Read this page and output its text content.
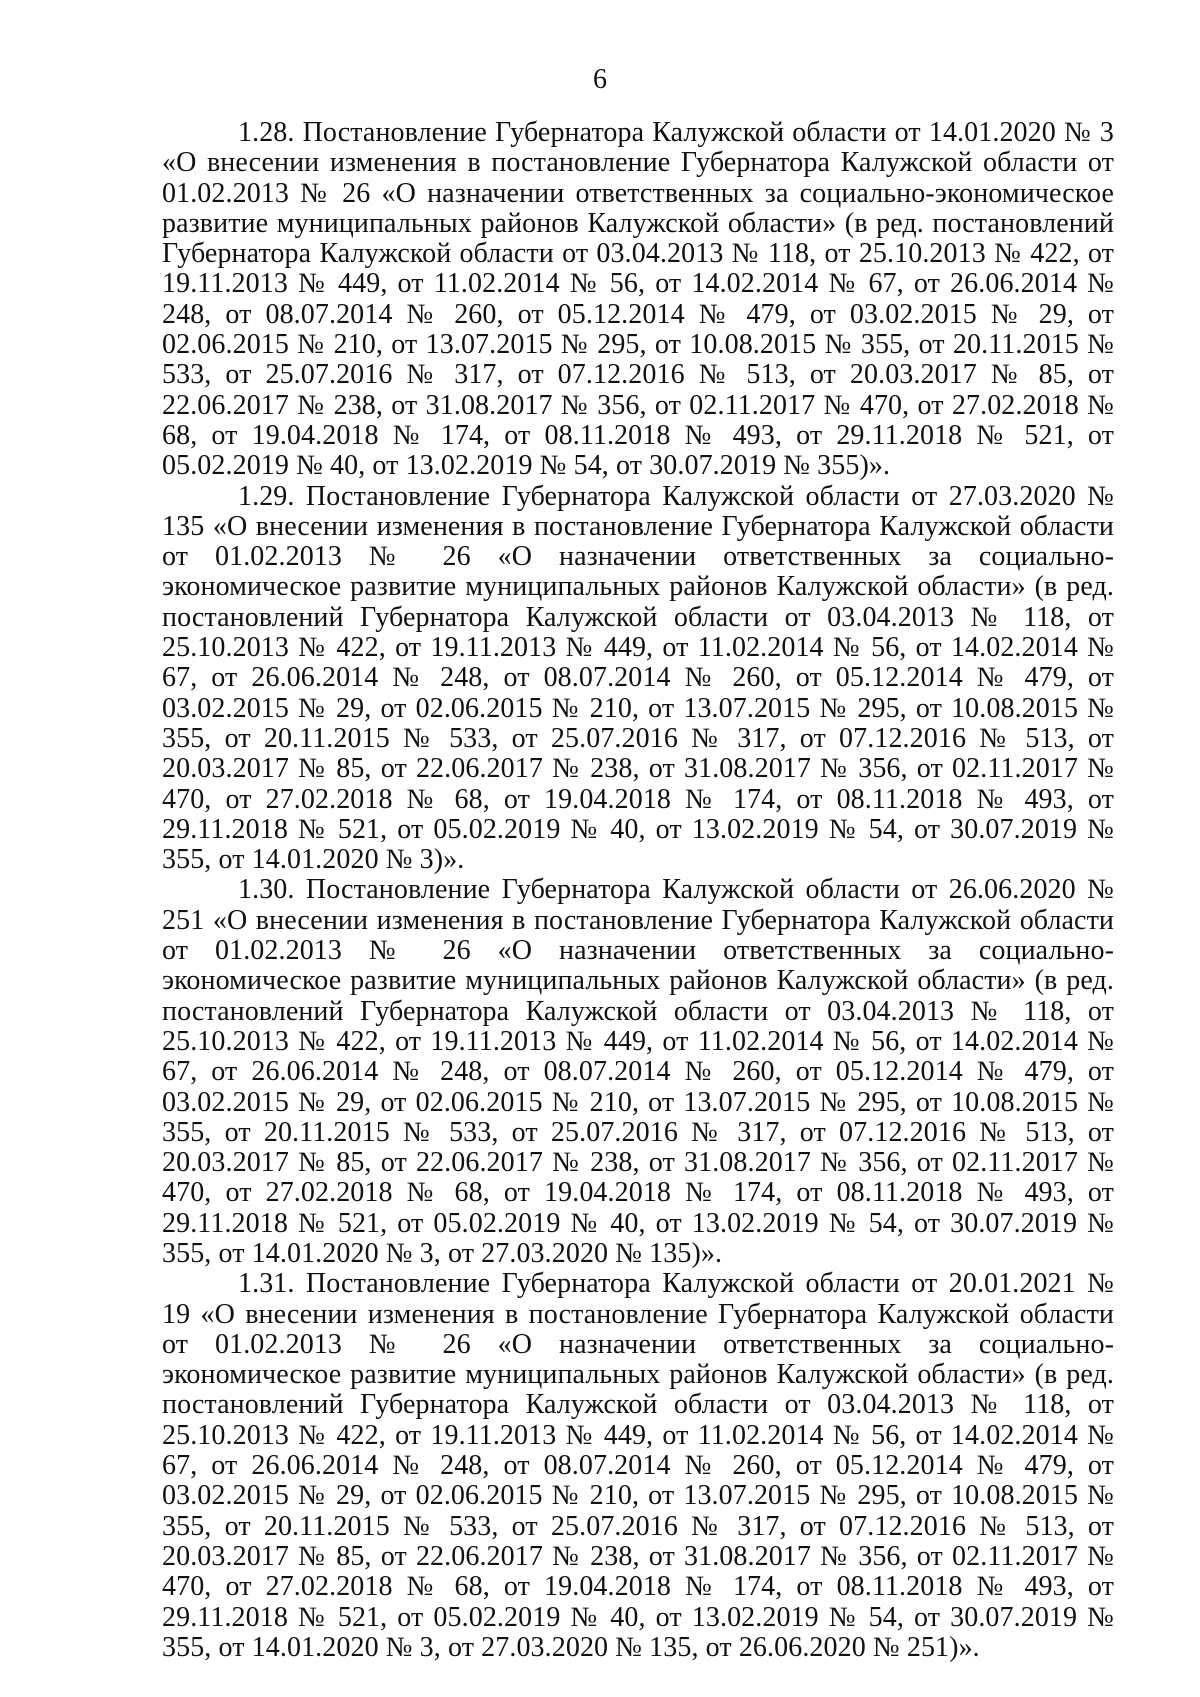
6

1.28. Постановление Губернатора Калужской области от 14.01.2020 № 3 «О внесении изменения в постановление Губернатора Калужской области от 01.02.2013 № 26 «О назначении ответственных за социально-экономическое развитие муниципальных районов Калужской области» (в ред. постановлений Губернатора Калужской области от 03.04.2013 № 118, от 25.10.2013 № 422, от 19.11.2013 № 449, от 11.02.2014 № 56, от 14.02.2014 № 67, от 26.06.2014 № 248, от 08.07.2014 № 260, от 05.12.2014 № 479, от 03.02.2015 № 29, от 02.06.2015 № 210, от 13.07.2015 № 295, от 10.08.2015 № 355, от 20.11.2015 № 533, от 25.07.2016 № 317, от 07.12.2016 № 513, от 20.03.2017 № 85, от 22.06.2017 № 238, от 31.08.2017 № 356, от 02.11.2017 № 470, от 27.02.2018 № 68, от 19.04.2018 № 174, от 08.11.2018 № 493, от 29.11.2018 № 521, от 05.02.2019 № 40, от 13.02.2019 № 54, от 30.07.2019 № 355)».

1.29. Постановление Губернатора Калужской области от 27.03.2020 № 135 «О внесении изменения в постановление Губернатора Калужской области от 01.02.2013 № 26 «О назначении ответственных за социально-экономическое развитие муниципальных районов Калужской области» (в ред. постановлений Губернатора Калужской области от 03.04.2013 № 118, от 25.10.2013 № 422, от 19.11.2013 № 449, от 11.02.2014 № 56, от 14.02.2014 № 67, от 26.06.2014 № 248, от 08.07.2014 № 260, от 05.12.2014 № 479, от 03.02.2015 № 29, от 02.06.2015 № 210, от 13.07.2015 № 295, от 10.08.2015 № 355, от 20.11.2015 № 533, от 25.07.2016 № 317, от 07.12.2016 № 513, от 20.03.2017 № 85, от 22.06.2017 № 238, от 31.08.2017 № 356, от 02.11.2017 № 470, от 27.02.2018 № 68, от 19.04.2018 № 174, от 08.11.2018 № 493, от 29.11.2018 № 521, от 05.02.2019 № 40, от 13.02.2019 № 54, от 30.07.2019 № 355, от 14.01.2020 № 3)».

1.30. Постановление Губернатора Калужской области от 26.06.2020 № 251 «О внесении изменения в постановление Губернатора Калужской области от 01.02.2013 № 26 «О назначении ответственных за социально-экономическое развитие муниципальных районов Калужской области» (в ред. постановлений Губернатора Калужской области от 03.04.2013 № 118, от 25.10.2013 № 422, от 19.11.2013 № 449, от 11.02.2014 № 56, от 14.02.2014 № 67, от 26.06.2014 № 248, от 08.07.2014 № 260, от 05.12.2014 № 479, от 03.02.2015 № 29, от 02.06.2015 № 210, от 13.07.2015 № 295, от 10.08.2015 № 355, от 20.11.2015 № 533, от 25.07.2016 № 317, от 07.12.2016 № 513, от 20.03.2017 № 85, от 22.06.2017 № 238, от 31.08.2017 № 356, от 02.11.2017 № 470, от 27.02.2018 № 68, от 19.04.2018 № 174, от 08.11.2018 № 493, от 29.11.2018 № 521, от 05.02.2019 № 40, от 13.02.2019 № 54, от 30.07.2019 № 355, от 14.01.2020 № 3, от 27.03.2020 № 135)».

1.31. Постановление Губернатора Калужской области от 20.01.2021 № 19 «О внесении изменения в постановление Губернатора Калужской области от 01.02.2013 № 26 «О назначении ответственных за социально-экономическое развитие муниципальных районов Калужской области» (в ред. постановлений Губернатора Калужской области от 03.04.2013 № 118, от 25.10.2013 № 422, от 19.11.2013 № 449, от 11.02.2014 № 56, от 14.02.2014 № 67, от 26.06.2014 № 248, от 08.07.2014 № 260, от 05.12.2014 № 479, от 03.02.2015 № 29, от 02.06.2015 № 210, от 13.07.2015 № 295, от 10.08.2015 № 355, от 20.11.2015 № 533, от 25.07.2016 № 317, от 07.12.2016 № 513, от 20.03.2017 № 85, от 22.06.2017 № 238, от 31.08.2017 № 356, от 02.11.2017 № 470, от 27.02.2018 № 68, от 19.04.2018 № 174, от 08.11.2018 № 493, от 29.11.2018 № 521, от 05.02.2019 № 40, от 13.02.2019 № 54, от 30.07.2019 № 355, от 14.01.2020 № 3, от 27.03.2020 № 135, от 26.06.2020 № 251)».
